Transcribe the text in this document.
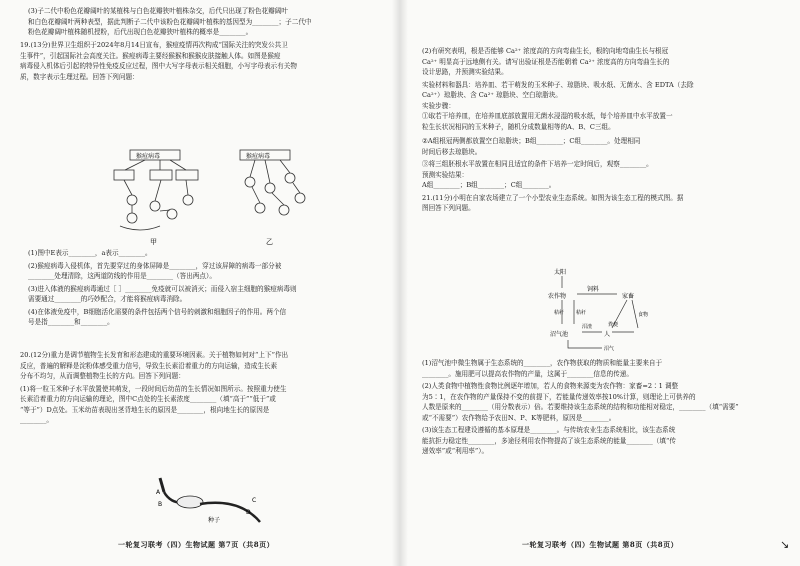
(3)子二代中粉色花瓣阔叶的某植株与白色花瓣狭叶植株杂交，后代只出现了粉色花瓣阔叶
和白色花瓣阔叶两种表型，据此判断子二代中该粉色花瓣阔叶植株的基因型为________；子二代中
粉色花瓣阔叶植株随机授粉，后代出现白色花瓣狭叶植株的概率是________。
19.(13分)世界卫生组织于2024年8月14日宣布，猴痘疫情再次构成“国际关注的突发公共卫
生事件”，引起国际社会高度关注。猴痘病毒主要经猴猴和猴猴皮肤接触人体。如图是猴痘
病毒侵入机体后引起的特异性免疫反应过程，图中大写字母表示相关细胞，小写字母表示有关物
质，数字表示生理过程。回答下列问题：
猴痘病毒	猴痘病毒
甲	乙
(1)图中E表示________，a表示________。
(2)猴痘病毒入侵机体，首先要穿过的身体屏障是________，穿过该屏障的病毒一部分被
________处理清除，这两道防线的作用是________（答出两点）。
(3)进入体液的猴痘病毒通过［ ］________免疫就可以被消灭；而侵入宿主细胞的猴痘病毒则
需要通过________的巧妙配合，才能将猴痘病毒消除。
(4)在体液免疫中，B细胞活化需要的条件包括两个信号的刺激和细胞因子的作用。两个信
号是指________和________。
20.(12分)重力是调节植物生长发育和形态建成的重要环境因素。关于植物如何对“上下”作出
反应，普遍的解释是淀粉体感受重力信号，导致生长素沿着重力的方向运输，造成生长素
分布不均匀，从而调整植物生长的方向。回答下列问题：
(1)将一粒玉米种子水平放置使其萌发，一段时间后幼苗的生长情况如图所示。按照重力使生
长素沿着重力的方向运输的理论，图中C点处的生长素浓度________（填“高于”“低于”或
“等于”）D点处。玉米幼苗表现出茎背地生长的原因是________，根向地生长的原因是
________。
A
B
C
D
种子
一轮复习联考（四）生物试题 第7页（共8页）
(2)有研究表明，根是否能够 Ca²⁺ 浓度高的方向弯曲生长，根的向地弯曲生长与根冠
Ca²⁺ 明显高于远地侧有关。请写出验证根是否能朝着 Ca²⁺ 浓度高的方向弯曲生长的
设计思路，并预测实验结果。
实验材料和器具：培养皿、若干萌发的玉米种子、琼脂块、吸水纸、无菌水、含 EDTA（去除
Ca²⁺）琼脂块、含 Ca²⁺ 琼脂块、空白琼脂块。
实验步骤：
①取若干培养皿，在培养皿底部放置用无菌水浸湿的吸水纸，每个培养皿中水平放置一
粒生长状况相同的玉米种子，随机分成数量相等的A、B、C三组。
②A组根冠两侧都放置空白琼脂块；B组________；C组________。处理相同
时间后移去琼脂块。
③将三组胚根水平放置在相同且适宜的条件下培养一定时间后，观察________。
预测实验结果：
A组________；B组________；C组________。
21.(11分)小明在自家农场建立了一个小型农业生态系统。如图为该生态工程的模式图。据
图回答下列问题。
太阳
农作物
饲料
家畜
秸秆 秸秆	食物
粪便
人
沼气池
沼渣
沼气
(1)沼气池中微生物属于生态系统的________，农作物获取的物质和能量主要来自于
________。施用肥可以提高农作物的产量，这属于________信息的传递。
(2)人类食物中植物性食物比例逐年增加，若人的食物来源变为农作物：家畜=2∶1 调整
为5∶1，在农作物的产量保持不变的前提下，若能量传递效率按10%计算，则理论上可供养的
人数是原来的________（用分数表示）倍。若要维持该生态系统的结构和功能相对稳定，________（填“需要”
或“不需要”）农作物给予农田N、P、K等肥料，原因是________。
(3)该生态工程建设遵循的基本原理是________。与传统农业生态系统相比，该生态系统
能抗拒力稳定性________，多途径利用农作物提高了该生态系统的能量________（填“传
递效率”或“利用率”）。
一轮复习联考（四）生物试题 第8页（共8页）	↘
